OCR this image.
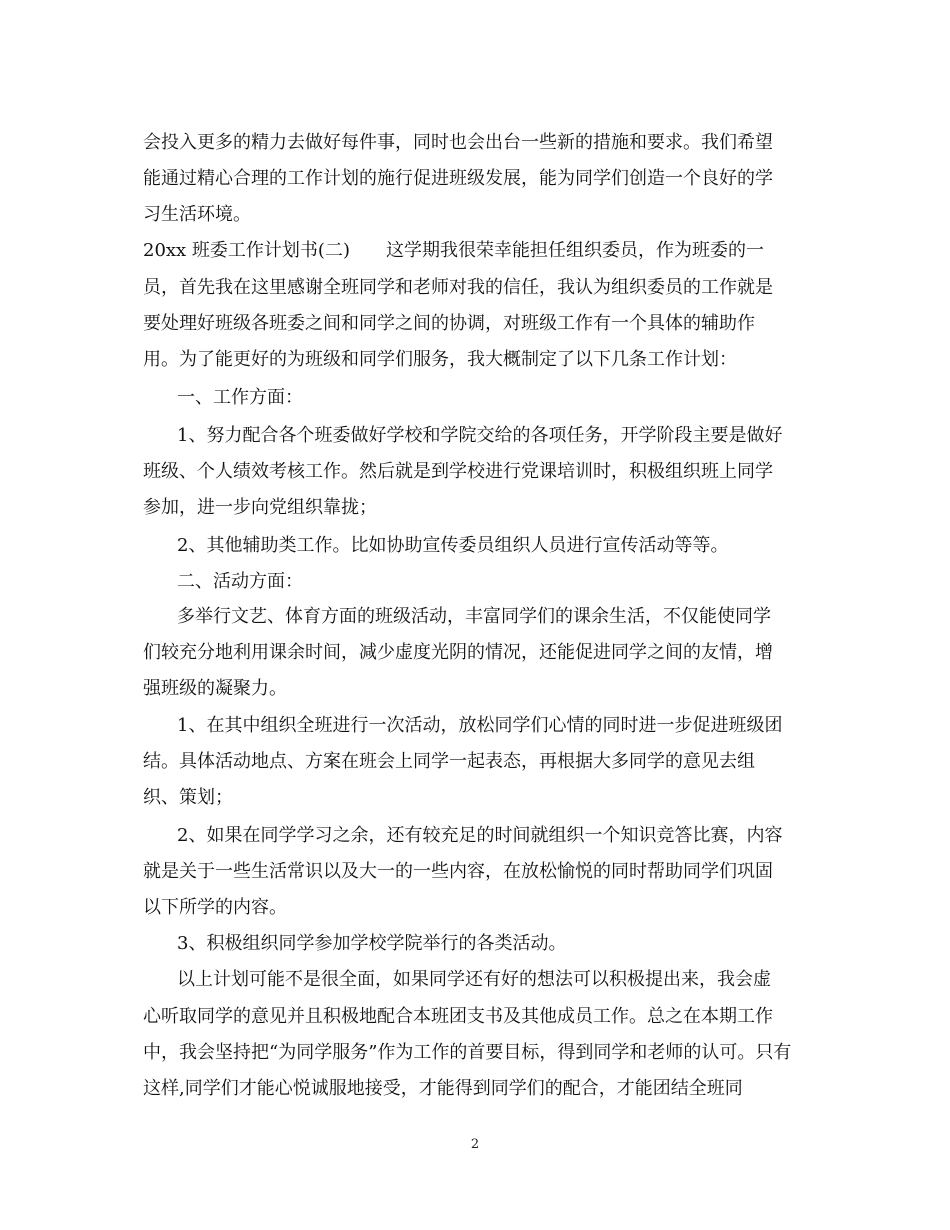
会投入更多的精力去做好每件事，同时也会出台一些新的措施和要求。我们希望

能通过精心合理的工作计划的施行促进班级发展，能为同学们创造一个良好的学

习生活环境。

20xx 班委工作计划书(二)　　这学期我很荣幸能担任组织委员，作为班委的一

员，首先我在这里感谢全班同学和老师对我的信任，我认为组织委员的工作就是

要处理好班级各班委之间和同学之间的协调，对班级工作有一个具体的辅助作

用。为了能更好的为班级和同学们服务，我大概制定了以下几条工作计划：

一、工作方面：

1、努力配合各个班委做好学校和学院交给的各项任务，开学阶段主要是做好

班级、个人绩效考核工作。然后就是到学校进行党课培训时，积极组织班上同学

参加，进一步向党组织靠拢；

2、其他辅助类工作。比如协助宣传委员组织人员进行宣传活动等等。

二、活动方面：

多举行文艺、体育方面的班级活动，丰富同学们的课余生活，不仅能使同学

们较充分地利用课余时间，减少虚度光阴的情况，还能促进同学之间的友情，增

强班级的凝聚力。

1、在其中组织全班进行一次活动，放松同学们心情的同时进一步促进班级团

结。具体活动地点、方案在班会上同学一起表态，再根据大多同学的意见去组

织、策划；

2、如果在同学学习之余，还有较充足的时间就组织一个知识竞答比赛，内容

就是关于一些生活常识以及大一的一些内容，在放松愉悦的同时帮助同学们巩固

以下所学的内容。

3、积极组织同学参加学校学院举行的各类活动。

以上计划可能不是很全面，如果同学还有好的想法可以积极提出来，我会虚

心听取同学的意见并且积极地配合本班团支书及其他成员工作。总之在本期工作

中，我会坚持把“为同学服务”作为工作的首要目标，得到同学和老师的认可。只有

这样,同学们才能心悦诚服地接受，才能得到同学们的配合，才能团结全班同

2
